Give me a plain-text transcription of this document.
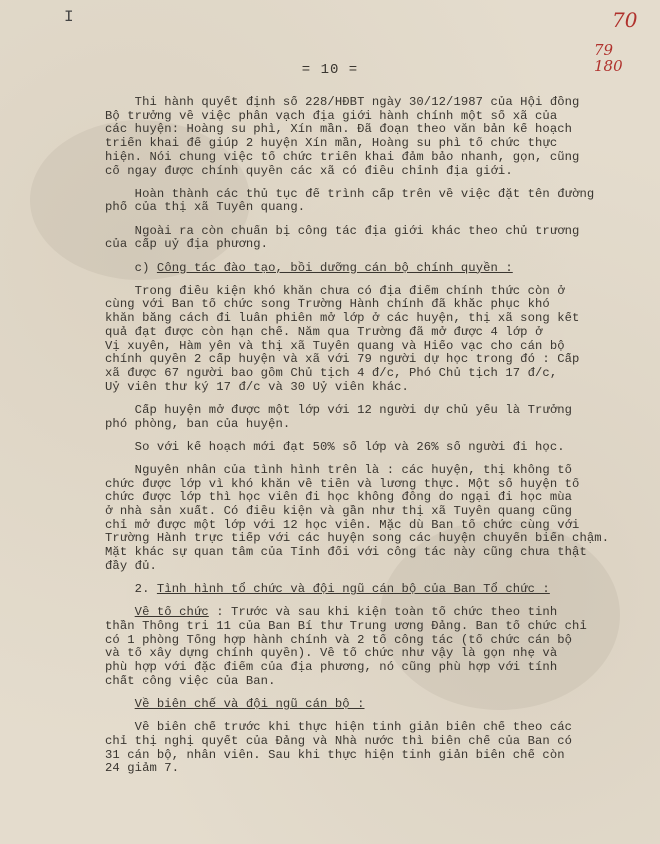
I	70
79
180
= 10 =

Thi hành quyết định số 228/HĐBT ngày 30/12/1987 của Hội đồng
Bộ trưởng về việc phân vạch địa giới hành chính một số xã của
các huyện: Hoàng su phì, Xín mần. Đã đoạn theo văn bản kế hoạch
triển khai để giúp 2 huyện Xín mần, Hoàng su phì tổ chức thực
hiện. Nói chung việc tổ chức triển khai đảm bảo nhanh, gọn, cũng
cố ngay được chính quyền các xã có điều chỉnh địa giới.

Hoàn thành các thủ tục để trình cấp trên về việc đặt tên đường
phố của thị xã Tuyên quang.

Ngoài ra còn chuẩn bị công tác địa giới khác theo chủ trương
của cấp uỷ địa phương.

c) Công tác đào tạo, bồi dưỡng cán bộ chính quyền :

Trong điều kiện khó khăn chưa có địa điểm chính thức còn ở
cùng với Ban tổ chức song Trường Hành chính đã khắc phục khó
khăn bằng cách đi luân phiên mở lớp ở các huyện, thị xã song kết
quả đạt được còn hạn chế. Năm qua Trường đã mở được 4 lớp ở
Vị xuyên, Hàm yên và thị xã Tuyên quang và Hiếo vạc cho cán bộ
chính quyền 2 cấp huyện và xã với 79 người dự học trong đó : Cấp
xã được 67 người bao gồm Chủ tịch 4 đ/c, Phó Chủ tịch 17 đ/c,
Uỷ viên thư ký 17 đ/c và 30 Uỷ viên khác.

Cấp huyện mở được một lớp với 12 người dự chủ yếu là Trưởng
phó phòng, ban của huyện.

So với kế hoạch mới đạt 50% số lớp và 26% số người đi học.

Nguyên nhân của tình hình trên là : các huyện, thị không tổ
chức được lớp vì khó khăn về tiền và lương thực. Một số huyện tổ
chức được lớp thì học viên đi học không đông do ngại đi học mùa
ở nhà sản xuất. Có điều kiện và gần như thị xã Tuyên quang cũng
chỉ mở được một lớp với 12 học viên. Mặc dù Ban tổ chức cùng với
Trường Hành trực tiếp với các huyện song các huyện chuyển biến chậm.
Mặt khác sự quan tâm của Tỉnh đối với công tác này cũng chưa thật
đầy đủ.

2. Tình hình tổ chức và đội ngũ cán bộ của Ban Tổ chức :

Về tổ chức : Trước và sau khi kiện toàn tổ chức theo tinh
thần Thông tri 11 của Ban Bí thư Trung ương Đảng. Ban tổ chức chỉ
có 1 phòng Tổng hợp hành chính và 2 tổ công tác (tổ chức cán bộ
và tổ xây dựng chính quyền). Về tổ chức như vậy là gọn nhẹ và
phù hợp với đặc điểm của địa phương, nó cũng phù hợp với tính
chất công việc của Ban.

Về biên chế và đội ngũ cán bộ :

Về biên chế trước khi thực hiện tinh giản biên chế theo các
chỉ thị nghị quyết của Đảng và Nhà nước thì biên chế của Ban có
31 cán bộ, nhân viên. Sau khi thực hiện tinh giản biên chế còn
24 giảm 7.
